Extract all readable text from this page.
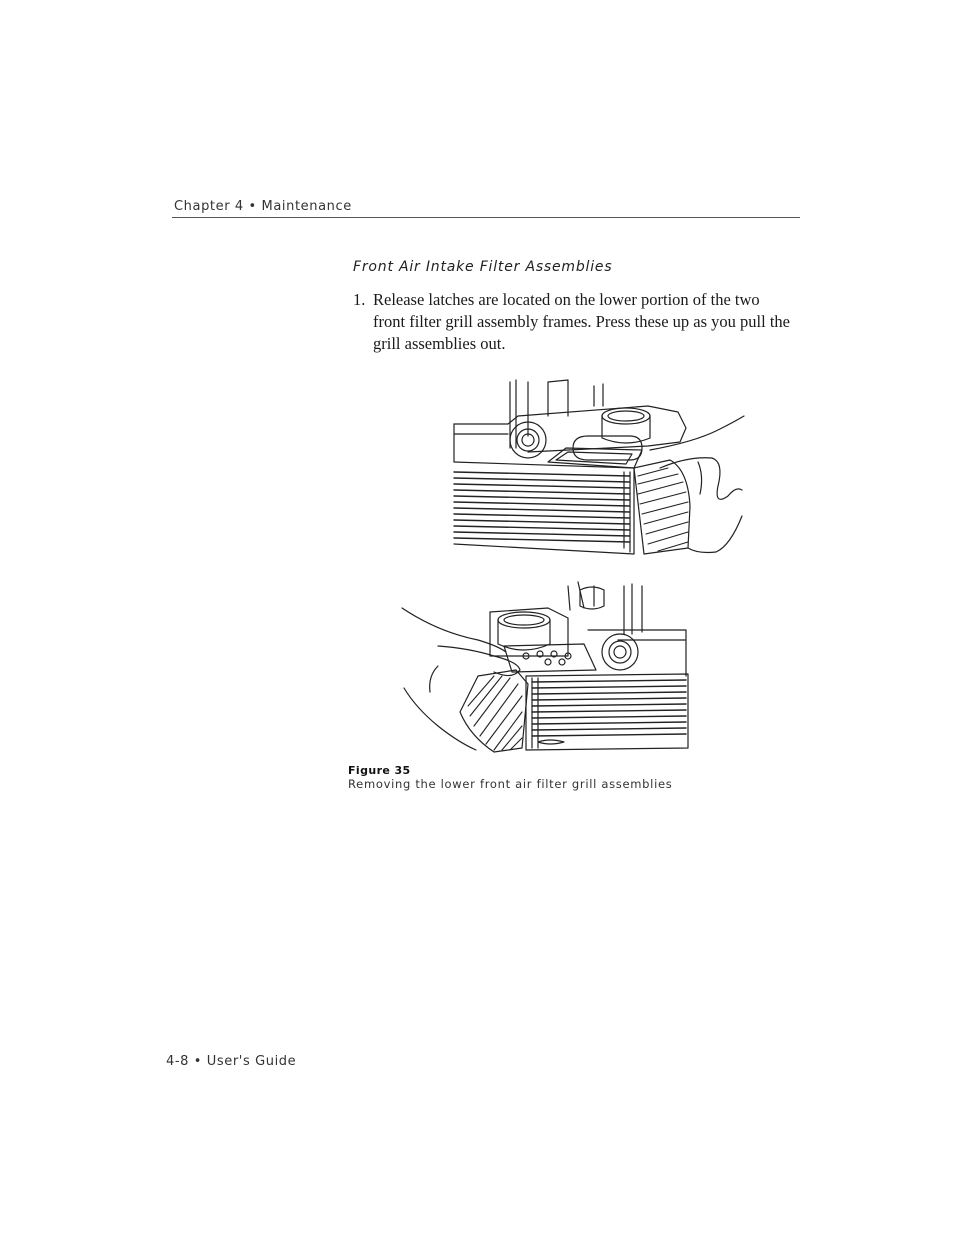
Chapter 4 • Maintenance
Front Air Intake Filter Assemblies
1. Release latches are located on the lower portion of the two front filter grill assembly frames. Press these up as you pull the grill assemblies out.
Figure 35
Removing the lower front air filter grill assemblies
4-8 • User's Guide
